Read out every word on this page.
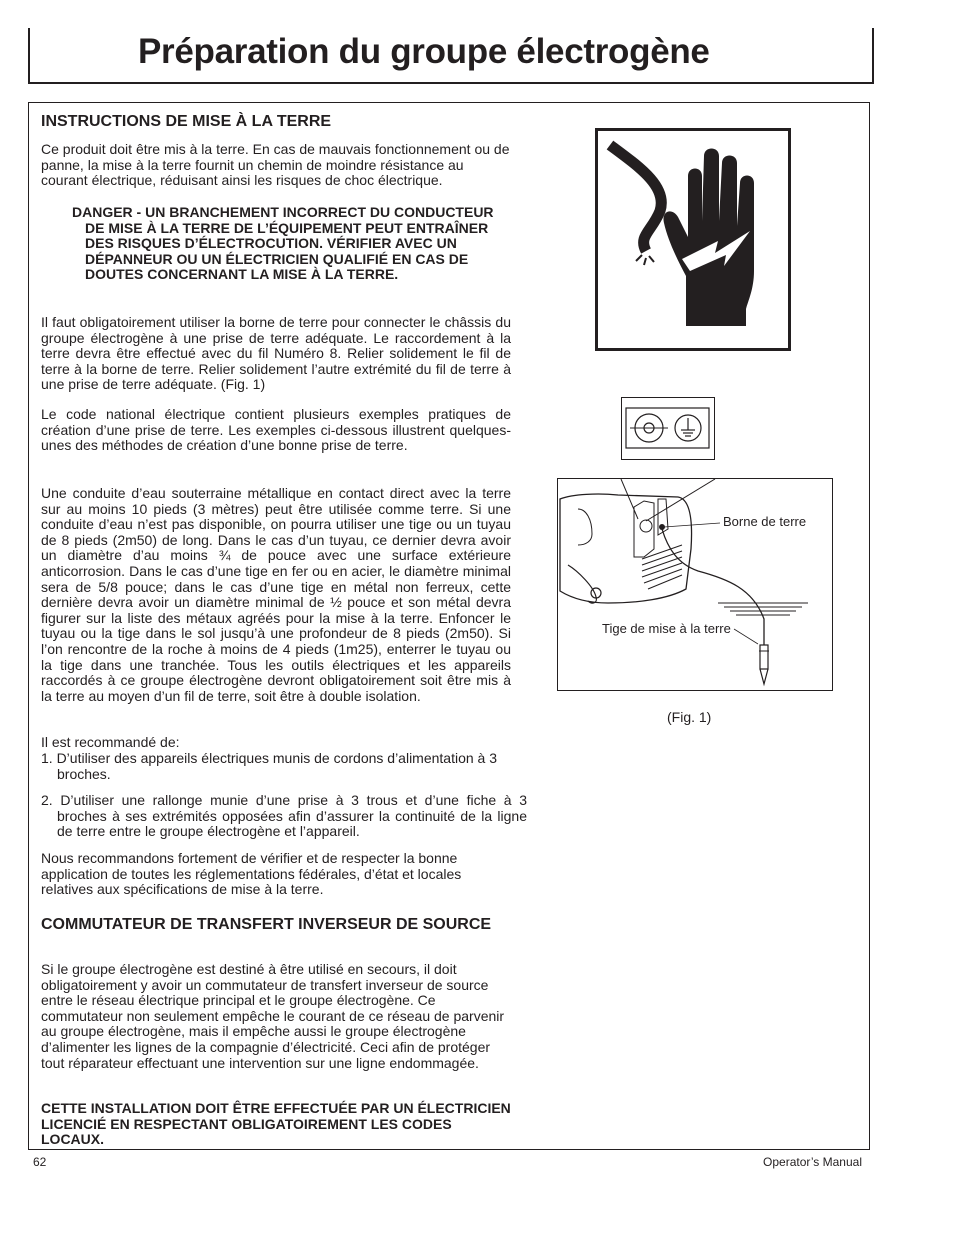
Préparation du groupe électrogène
INSTRUCTIONS DE MISE À LA TERRE

Ce produit doit être mis à la terre. En cas de mauvais fonctionnement ou de panne, la mise à la terre fournit un chemin de moindre résistance au courant électrique, réduisant ainsi les risques de choc électrique.

DANGER - UN BRANCHEMENT INCORRECT DU CONDUCTEUR DE MISE À LA TERRE DE L’ÉQUIPEMENT PEUT ENTRAÎNER DES RISQUES D’ÉLECTROCUTION. VÉRIFIER AVEC UN DÉPANNEUR OU UN ÉLECTRICIEN QUALIFIÉ EN CAS DE DOUTES CONCERNANT LA MISE À LA TERRE.

Il faut obligatoirement utiliser la borne de terre pour connecter le châssis du groupe électrogène à une prise de terre adéquate. Le raccordement à la terre devra être effectué avec du fil Numéro 8. Relier solidement le fil de terre à la borne de terre. Relier solidement l’autre extrémité du fil de terre à une prise de terre adéquate. (Fig. 1)

Le code national électrique contient plusieurs exemples pratiques de création d’une prise de terre. Les exemples ci-dessous illustrent quelques-unes des méthodes de création d’une bonne prise de terre.

Une conduite d’eau souterraine métallique en contact direct avec la terre sur au moins 10 pieds (3 mètres) peut être utilisée comme terre. Si une conduite d’eau n’est pas disponible, on pourra utiliser une tige ou un tuyau de 8 pieds (2m50) de long. Dans le cas d’un tuyau, ce dernier devra avoir un diamètre d’au moins ¾ de pouce avec une surface extérieure anticorrosion. Dans le cas d’une tige en fer ou en acier, le diamètre minimal sera de 5/8 pouce; dans le cas d’une tige en métal non ferreux, cette dernière devra avoir un diamètre minimal de ½ pouce et son métal devra figurer sur la liste des métaux agréés pour la mise à la terre. Enfoncer le tuyau ou la tige dans le sol jusqu’à une profondeur de 8 pieds (2m50). Si l’on rencontre de la roche à moins de 4 pieds (1m25), enterrer le tuyau ou la tige dans une tranchée. Tous les outils électriques et les appareils raccordés à ce groupe électrogène devront obligatoirement soit être mis à la terre au moyen d’un fil de terre, soit être à double isolation.

Il est recommandé de:

1. D’utiliser des appareils électriques munis de cordons d’alimentation à 3 broches.

2. D’utiliser une rallonge munie d’une prise à 3 trous et d’une fiche à 3 broches à ses extrémités opposées afin d’assurer la continuité de la ligne de terre entre le groupe électrogène et l’appareil.

Nous recommandons fortement de vérifier et de respecter la bonne application de toutes les réglementations fédérales, d’état et locales relatives aux spécifications de mise à la terre.

COMMUTATEUR DE TRANSFERT INVERSEUR DE SOURCE

Si le groupe électrogène est destiné à être utilisé en secours, il doit obligatoirement y avoir un commutateur de transfert inverseur de source entre le réseau électrique principal et le groupe électrogène. Ce commutateur non seulement empêche le courant de ce réseau de parvenir au groupe électrogène, mais il empêche aussi le groupe électrogène d’alimenter les lignes de la compagnie d’électricité. Ceci afin de protéger tout réparateur effectuant une intervention sur une ligne endommagée.

CETTE INSTALLATION DOIT ÊTRE EFFECTUÉE PAR UN ÉLECTRICIEN LICENCIÉ EN RESPECTANT OBLIGATOIREMENT LES CODES LOCAUX.

Borne de terre
Tige de mise à la terre
(Fig. 1)
62	Operator’s Manual
